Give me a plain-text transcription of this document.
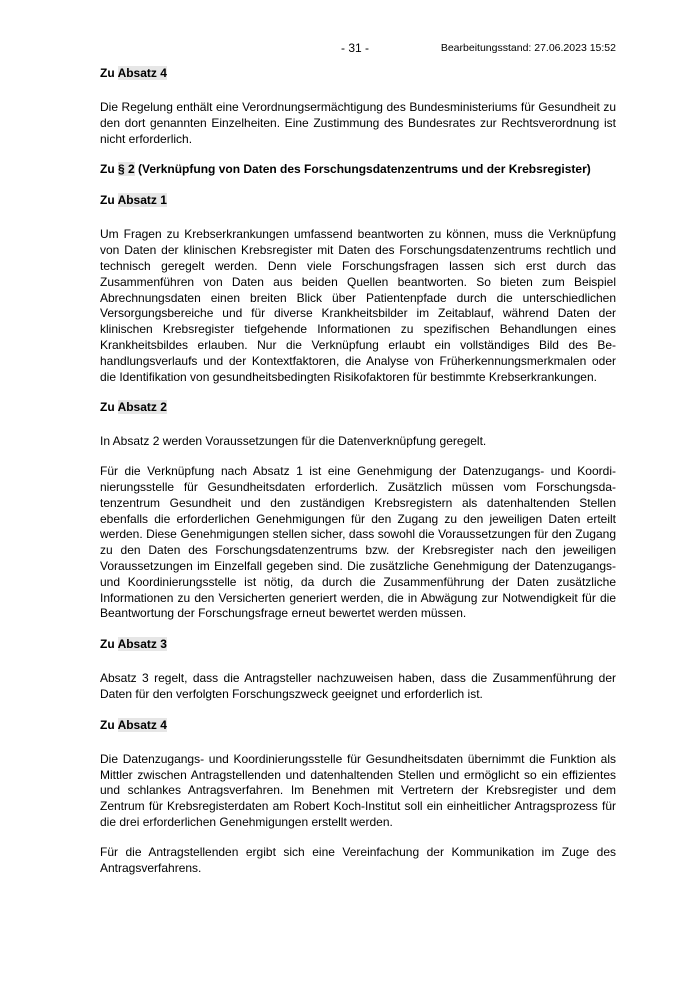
- 31 -	Bearbeitungsstand: 27.06.2023 15:52
Zu Absatz 4

Die Regelung enthält eine Verordnungsermächtigung des Bundesministeriums für Gesundheit zu den dort genannten Einzelheiten. Eine Zustimmung des Bundesrates zur Rechtsverordnung ist nicht erforderlich.

Zu § 2 (Verknüpfung von Daten des Forschungsdatenzentrums und der Krebsregister)
Zu Absatz 1

Um Fragen zu Krebserkrankungen umfassend beantworten zu können, muss die Verknüpfung von Daten der klinischen Krebsregister mit Daten des Forschungsdatenzentrums rechtlich und technisch geregelt werden. Denn viele Forschungsfragen lassen sich erst durch das Zusammenführen von Daten aus beiden Quellen beantworten. So bieten zum Beispiel Abrechnungsdaten einen breiten Blick über Patientenpfade durch die unterschiedlichen Versorgungsbereiche und für diverse Krankheitsbilder im Zeitablauf, während Daten der klinischen Krebsregister tiefgehende Informationen zu spezifischen Behandlungen eines Krankheitsbildes erlauben. Nur die Verknüpfung erlaubt ein vollständiges Bild des Behandlungsverlaufs und der Kontextfaktoren, die Analyse von Früherkennungsmerkmalen oder die Identifikation von gesundheitsbedingten Risikofaktoren für bestimmte Krebserkrankungen.

Zu Absatz 2

In Absatz 2 werden Voraussetzungen für die Datenverknüpfung geregelt.

Für die Verknüpfung nach Absatz 1 ist eine Genehmigung der Datenzugangs- und Koordinierungsstelle für Gesundheitsdaten erforderlich. Zusätzlich müssen vom Forschungsdatenzentrum Gesundheit und den zuständigen Krebsregistern als datenhaltenden Stellen ebenfalls die erforderlichen Genehmigungen für den Zugang zu den jeweiligen Daten erteilt werden. Diese Genehmigungen stellen sicher, dass sowohl die Voraussetzungen für den Zugang zu den Daten des Forschungsdatenzentrums bzw. der Krebsregister nach den jeweiligen Voraussetzungen im Einzelfall gegeben sind. Die zusätzliche Genehmigung der Datenzugangs- und Koordinierungsstelle ist nötig, da durch die Zusammenführung der Daten zusätzliche Informationen zu den Versicherten generiert werden, die in Abwägung zur Notwendigkeit für die Beantwortung der Forschungsfrage erneut bewertet werden müssen.

Zu Absatz 3

Absatz 3 regelt, dass die Antragsteller nachzuweisen haben, dass die Zusammenführung der Daten für den verfolgten Forschungszweck geeignet und erforderlich ist.

Zu Absatz 4

Die Datenzugangs- und Koordinierungsstelle für Gesundheitsdaten übernimmt die Funktion als Mittler zwischen Antragstellenden und datenhaltenden Stellen und ermöglicht so ein effizientes und schlankes Antragsverfahren. Im Benehmen mit Vertretern der Krebsregister und dem Zentrum für Krebsregisterdaten am Robert Koch-Institut soll ein einheitlicher Antragsprozess für die drei erforderlichen Genehmigungen erstellt werden.

Für die Antragstellenden ergibt sich eine Vereinfachung der Kommunikation im Zuge des Antragsverfahrens.
